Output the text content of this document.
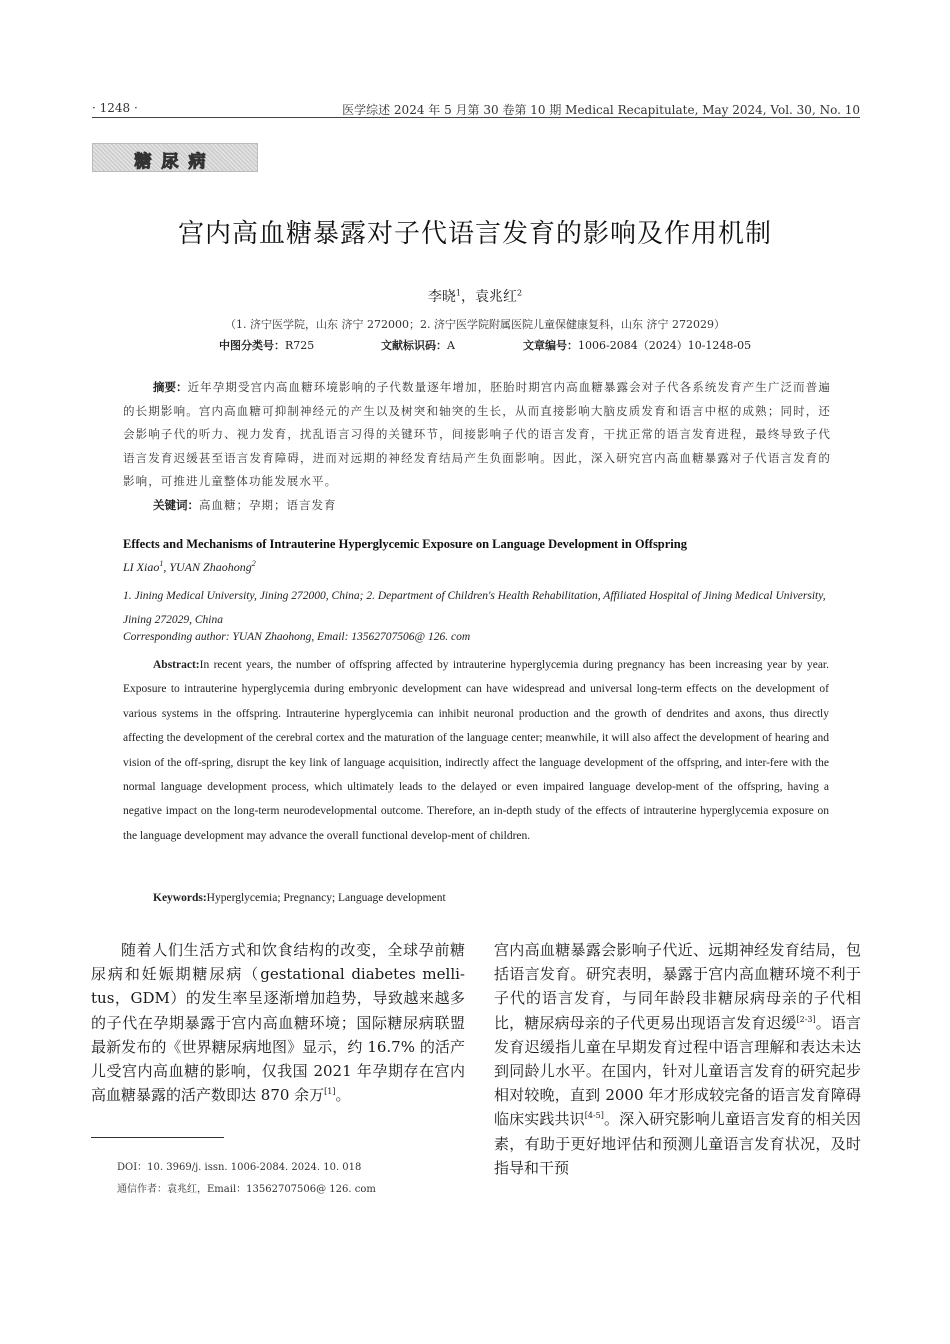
· 1248 ·	医学综述 2024 年 5 月第 30 卷第 10 期 Medical Recapitulate, May 2024, Vol. 30, No. 10
糖尿病
宫内高血糖暴露对子代语言发育的影响及作用机制
李晓$^1$，袁兆红$^2$
（1. 济宁医学院，山东 济宁 272000；2. 济宁医学院附属医院儿童保健康复科，山东 济宁 272029）
中图分类号：R725	文献标识码：A	文章编号：1006-2084（2024）10-1248-05
摘要：近年孕期受宫内高血糖环境影响的子代数量逐年增加，胚胎时期宫内高血糖暴露会对子代各系统发育产生广泛而普遍的长期影响。宫内高血糖可抑制神经元的产生以及树突和轴突的生长，从而直接影响大脑皮质发育和语言中枢的成熟；同时，还会影响子代的听力、视力发育，扰乱语言习得的关键环节，间接影响子代的语言发育，干扰正常的语言发育进程，最终导致子代语言发育迟缓甚至语言发育障碍，进而对远期的神经发育结局产生负面影响。因此，深入研究宫内高血糖暴露对子代语言发育的影响，可推进儿童整体功能发展水平。
关键词：高血糖；孕期；语言发育
Effects and Mechanisms of Intrauterine Hyperglycemic Exposure on Language Development in Offspring
LI Xiao$^1$, YUAN Zhaohong$^2$
1. Jining Medical University, Jining 272000, China; 2. Department of Children's Health Rehabilitation, Affiliated Hospital of Jining Medical University, Jining 272029, China
Corresponding author: YUAN Zhaohong, Email: 13562707506@ 126. com
Abstract:In recent years, the number of offspring affected by intrauterine hyperglycemia during pregnancy has been increasing year by year. Exposure to intrauterine hyperglycemia during embryonic development can have widespread and universal long-term effects on the development of various systems in the offspring. Intrauterine hyperglycemia can inhibit neuronal production and the growth of dendrites and axons, thus directly affecting the development of the cerebral cortex and the maturation of the language center; meanwhile, it will also affect the development of hearing and vision of the off-spring, disrupt the key link of language acquisition, indirectly affect the language development of the offspring, and inter-fere with the normal language development process, which ultimately leads to the delayed or even impaired language develop-ment of the offspring, having a negative impact on the long-term neurodevelopmental outcome. Therefore, an in-depth study of the effects of intrauterine hyperglycemia exposure on the language development may advance the overall functional develop-ment of children.
Keywords:Hyperglycemia; Pregnancy; Language development
随着人们生活方式和饮食结构的改变，全球孕前糖尿病和妊娠期糖尿病（gestational diabetes melli-tus，GDM）的发生率呈逐渐增加趋势，导致越来越多的子代在孕期暴露于宫内高血糖环境；国际糖尿病联盟最新发布的《世界糖尿病地图》显示，约 16.7% 的活产儿受宫内高血糖的影响，仅我国 2021 年孕期存在宫内高血糖暴露的活产数即达 870 余万[1]。
宫内高血糖暴露会影响子代近、远期神经发育结局，包括语言发育。研究表明，暴露于宫内高血糖环境不利于子代的语言发育，与同年龄段非糖尿病母亲的子代相比，糖尿病母亲的子代更易出现语言发育迟缓[2-3]。语言发育迟缓指儿童在早期发育过程中语言理解和表达未达到同龄儿水平。在国内，针对儿童语言发育的研究起步相对较晚，直到 2000 年才形成较完备的语言发育障碍临床实践共识[4-5]。深入研究影响儿童语言发育的相关因素，有助于更好地评估和预测儿童语言发育状况，及时指导和干预
DOI：10. 3969/j. issn. 1006-2084. 2024. 10. 018
通信作者：袁兆红，Email：13562707506@ 126. com
